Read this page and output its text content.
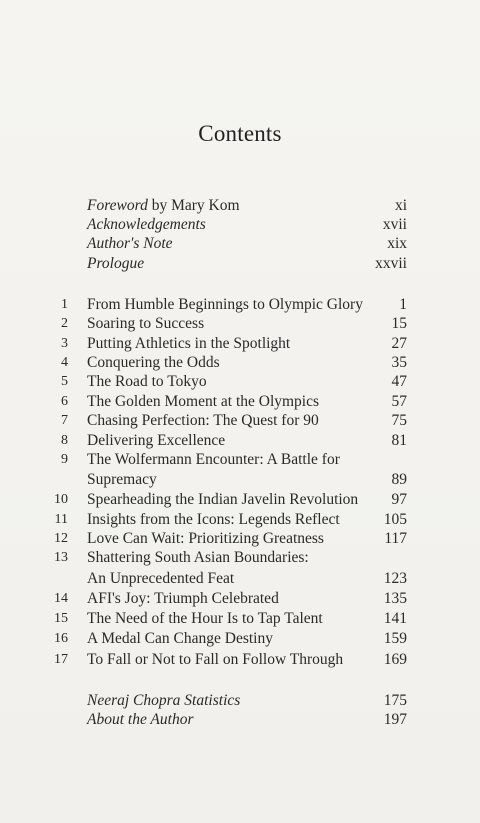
Contents
Foreword by Mary Kom	xi
Acknowledgements	xvii
Author's Note	xix
Prologue	xxvii
1 From Humble Beginnings to Olympic Glory 1
2 Soaring to Success	15
3 Putting Athletics in the Spotlight	27
4 Conquering the Odds	35
5 The Road to Tokyo	47
6 The Golden Moment at the Olympics	57
7 Chasing Perfection: The Quest for 90	75
8 Delivering Excellence	81
9 The Wolfermann Encounter: A Battle for
Supremacy	89
10 Spearheading the Indian Javelin Revolution 97
11 Insights from the Icons: Legends Reflect	105
12 Love Can Wait: Prioritizing Greatness	117
13 Shattering South Asian Boundaries:
An Unprecedented Feat	123
14 AFI's Joy: Triumph Celebrated	135
15 The Need of the Hour Is to Tap Talent	141
16 A Medal Can Change Destiny	159
17 To Fall or Not to Fall on Follow Through	169
Neeraj Chopra Statistics	175
About the Author	197
